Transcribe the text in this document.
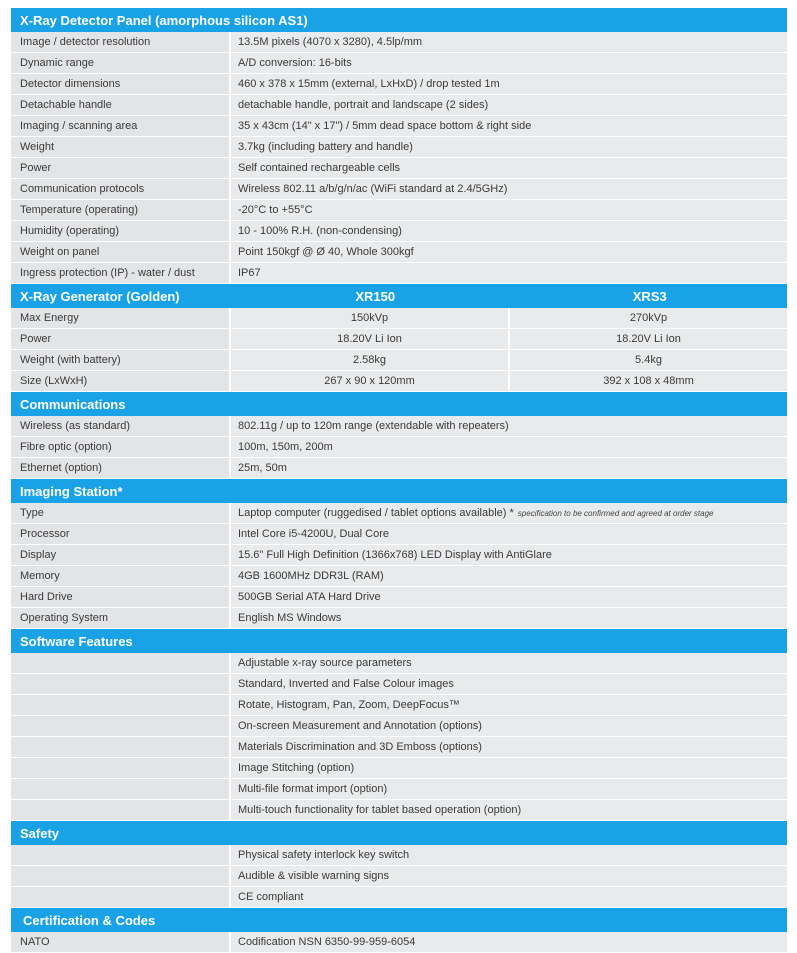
X-Ray Detector Panel (amorphous silicon AS1)
Image / detector resolution	13.5M pixels (4070 x 3280), 4.5lp/mm
Dynamic range	A/D conversion: 16-bits
Detector dimensions	460 x 378 x 15mm (external, LxHxD) / drop tested 1m
Detachable handle	detachable handle, portrait and landscape (2 sides)
Imaging / scanning area	35 x 43cm (14" x 17") / 5mm dead space bottom & right side
Weight	3.7kg (including battery and handle)
Power	Self contained rechargeable cells
Communication protocols	Wireless 802.11 a/b/g/n/ac (WiFi standard at 2.4/5GHz)
Temperature (operating)	-20°C to +55°C
Humidity (operating)	10 - 100% R.H. (non-condensing)
Weight on panel	Point 150kgf @ Ø 40, Whole 300kgf
Ingress protection (IP) - water / dust	IP67
X-Ray Generator (Golden)	XR150	XRS3
Max Energy	150kVp	270kVp
Power	18.20V Li Ion	18.20V Li Ion
Weight (with battery)	2.58kg	5.4kg
Size (LxWxH)	267 x 90 x 120mm	392 x 108 x 48mm
Communications
Wireless (as standard)	802.11g / up to 120m range (extendable with repeaters)
Fibre optic (option)	100m, 150m, 200m
Ethernet (option)	25m, 50m
Imaging Station*
Type	Laptop computer (ruggedised / tablet options available) * specification to be confirmed and agreed at order stage
Processor	Intel Core i5-4200U, Dual Core
Display	15.6" Full High Definition (1366x768) LED Display with AntiGlare
Memory	4GB 1600MHz DDR3L (RAM)
Hard Drive	500GB Serial ATA Hard Drive
Operating System	English MS Windows
Software Features
Adjustable x-ray source parameters
Standard, Inverted and False Colour images
Rotate, Histogram, Pan, Zoom, DeepFocus™
On-screen Measurement and Annotation (options)
Materials Discrimination and 3D Emboss (options)
Image Stitching (option)
Multi-file format import (option)
Multi-touch functionality for tablet based operation (option)
Safety
Physical safety interlock key switch
Audible & visible warning signs
CE compliant
Certification & Codes
NATO	Codification NSN 6350-99-959-6054
